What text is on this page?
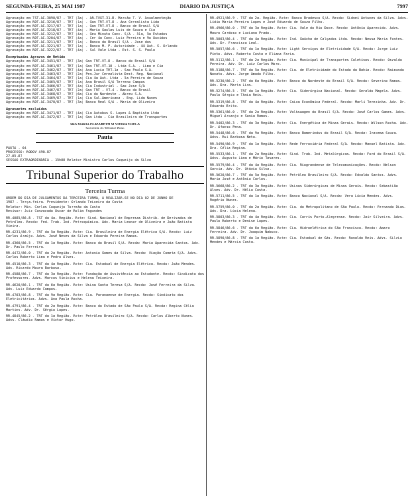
SEGUNDA-FEIRA, 25 MAI 1987	DIARIO DA JUSTIÇA	7997
Agravação em TST-AI-3090/87 - TRT (3a) - AR-TVGT-31-B. Marcão T. V. Anualmenteção
Agravação em RDT-AI-3216/87 - TRT (1a) - Gan TRT-VT-8 - Ana Cerealista Lida
Agravação em RDT-AI-3217/87 - TRT (1a) - Gan TRT-VT-8 - Banco de Brasil S/A
Agravação em RDT-AI-3218/87 - TRT (4a) - Mario Gaulas Luis de Souza e Cia
Agravação em RDT-AI-3212/87 - TRT (4a) - Geu Minuto Conc. S/A - 51a, 5a Estados
Agravação em RDT-AI-3204/87 - TRT (4a) - Cer 4a Conc. Luiz Pereira e 9o Ouvidos
Agravação em RDT-AI-3211/87 - TRT (1a) - Banco do Brasil S/A - Jose dos
Agravação em RDT-AI-3221/87 - TRT (1a) - Banco M. P. Autoridade - 44 Aut. S. Orlando
Agravação em RDT-AI-3222/87 - TRT (4a) - Sul Vale Ltda - Est. S. S. Paulo
Exceptuadas Agravos de Retido
Agravação em RDT-AI-3451/87 - TRT (3a) Gan TRT-VT-8 - Banco do Brasil S/A
Agravação em RDT-AI-3461/87 - TRT (1a) Gan TRT-VT-10 - Ltda S.A. - Lima e Cia
Agravação em RDT-AI-3462/87 - TRT (4a) Ana Lucia TRT-1a - Sao Paulo S.A.
Agravação em RDT-AI-3463/87 - TRT (2a) Pen-Jur Cerealista Dest. Reg. Nacional
Agravação em RDT-AI-3464/87 - TRT (1a) Cia 4a Aut. Ltda - 5a Pereira de Souza
Agravação em RDT-AI-3465/87 - TRT (1a) Ana Brasil S/A Terreno Campos
Agravação em RDT-AI-3466/87 - TRT (4a) Cia Industrial - Sao Jose S/A
Agravação em RDT-AI-3467/87 - TRT (2a) Gan TRT - VT-4 - Banco do Brasil
Agravação em RDT-AI-3468/87 - TRT (6a) Cia do Nordeste - Abreu S.A.
Agravação em RDT-AI-3469/87 - TRT (1a) Cia Sul-Americana - Eng. Lida Nunes
Agravação em RDT-AI-3470/87 - TRT (3a) Banco Real S/A - Maria de Oliveira
Agravantes excluídos
Agravação em RDT-AI-3471/87 - TRT (4a) Cia Autobus S. Lopes & Baptista Ltda
Agravação em RDT-AI-3472/87 - TRT (1a) Gan Ltda - Cia Brasileira de Transportes
SRA MARIA ELIZABETH M VIEIRA VOELA
Secretária do Tribunal Pleno
Pauta
PAUTA - 04
PROCESSO: RODOV 490-87
27.05.87
SESSÃO EXTRAORDINÁRIA - 15h00 Relator Ministro Carlos Coqueijo da Silva
Tribunal Superior do Trabalho
Terceira Turma
ORDEM DO DIA DE JULGAMENTOS DA TERCEIRA TURMA, A REALIZAR-SE NO DIA 02 DE JUNHO DE
1987 - Terça-feira. Presidente: Orlando Teixeira da Costa
Relator: Min. Carlos Coqueijo Torreão da Costa
Revisor: Juiz Convocado Oscar de Rolim Fagundes
RR-4085/86-8 - TST da 4a. Região. Rcte: Sind. Nacional de Empresas Distrib. de Derivados de Petróleo. Recdo: Fed. Trab. Ind. Petroquímica. Adv. Maria Leonor de Oliveira e João Batista Vieira.
RR-4231/86-9 - TRT da 5a Região. Rcte: Cia. Brasileira de Energia Elétrica S/A. Recdo: Luiz Carlos Araújo. Advs. José Neves da Silva e Eduardo Pereira Ramos.
RR-4360/86-5 - TRT da 1a Região. Rcte: Banco do Brasil S/A. Recda: Maria Aparecida Santos. Adv. Dr. Paulo Ferreira.
RR-4472/86-0 - TRT da 2a Região. Rcte: Antonio Gomes da Silva. Recda: Viação Cometa S/A. Advs. Carlos Roberto Lima e Pedro Alves.
RR-4510/86-3 - TRT da 4a Região. Rcte: Cia. Estadual de Energia Elétrica. Recdo: João Mendes. Adv. Ricardo Moura Barbosa.
RR-4588/86-7 - TRT da 3a Região. Rcte: Fundação de Assistência ao Estudante. Recdo: Sindicato dos Professores. Advs. Marcos Vinicius e Helena Teixeira.
RR-4620/86-1 - TRT da 6a Região. Rcte: Usina Santa Teresa S/A. Recdo: José Ferreira da Silva. Adv. Luiz Eduardo Campos.
RR-4703/86-8 - TRT da 9a Região. Rcte: Cia. Paranaense de Energia. Recdo: Sindicato dos Eletricitários. Advs. Ana Paula Rocha.
RR-4791/86-4 - TRT da 2a Região. Rcte: Banco do Estado de São Paulo S/A. Recda: Regina Célia Martins. Adv. Dr. Sérgio Lopes.
RR-4845/86-2 - TRT da 1a Região. Rcte: Petróleo Brasileiro S/A. Recdo: Carlos Alberto Nunes. Advs. Cláudio Ramos e Victor Hugo.
RR-4921/86-9 - TST da 2a. Região. Rcte: Banco Bradesco S/A. Recdo: Sidnei Antunes da Silva. Advs. Lidio Maria Pereira Lopes e José Eduardo de Souza Filho.
RR-4966/86-0 - TRT da 3a Região. Rcte: Cia. Vale do Rio Doce. Recdo: Antônio Aparecido. Advs. Mauro Cardoso e Luciana Prado.
RR-5003/86-4 - TRT da 4a Região. Rcte: Ind. Gaúcha de Calçados Ltda. Recda: Neusa Maria Fontes. Adv. Dr. Francisco Leal.
RR-5057/86-6 - TRT da 1a Região. Rcte: Light Serviços de Eletricidade S/A. Recdo: Jorge Luiz Pinto. Advs. Roberto Costa e Eliana Faria.
RR-5112/86-1 - TRT da 2a Região. Rcte: Cia. Municipal de Transportes Coletivos. Recdo: Osvaldo Pereira. Adv. Dr. Luiz Carlos Moro.
RR-5188/86-7 - TRT da 5a Região. Rcte: Cia. de Eletricidade do Estado da Bahia. Recdo: Raimundo Nonato. Advs. Jorge Amado Filho.
RR-5230/86-2 - TRT da 6a Região. Rcte: Banco do Nordeste do Brasil S/A. Recdo: Severino Ramos. Adv. Dra. Marta Lins.
RR-5274/86-5 - TRT da 1a Região. Rcte: Cia. Siderúrgica Nacional. Recdo: Geraldo Magela. Advs. Paulo Sérgio e Tânia Reis.
RR-5319/86-8 - TRT da 4a Região. Rcte: Caixa Econômica Federal. Recda: Marli Terezinha. Adv. Dr. Eduardo Brito.
RR-5361/86-0 - TRT da 2a Região. Rcte: Volkswagen do Brasil S/A. Recdo: José Carlos Gomes. Advs. Miguel Arcanjo e Sonia Ramos.
RR-5402/86-3 - TRT da 3a Região. Rcte: Cia. Energética de Minas Gerais. Recdo: Wilson Rocha. Adv. Dr. Afonso Pena.
RR-5448/86-6 - TRT da 9a Região. Rcte: Banco Bamerindus do Brasil S/A. Recda: Iracema Souza. Advs. Rui Barbosa Neto.
RR-5490/86-9 - TRT da 1a Região. Rcte: Rede Ferroviária Federal S/A. Recdo: Manoel Batista. Adv. Dra. Célia Regina.
RR-5533/86-1 - TRT da 2a Região. Rcte: Sind. Trab. Ind. Metalúrgicas. Recda: Ford do Brasil S/A. Advs. Augusto Lima e Mário Tavares.
RR-5579/86-4 - TRT da 4a Região. Rcte: Cia. Riograndense de Telecomunicações. Recdo: Nelson Garcia. Adv. Dr. Otávio Silva.
RR-5620/86-7 - TRT da 5a Região. Rcte: Petróleo Brasileiro S/A. Recdo: Edvaldo Santos. Advs. Maria José e Antônio Carlos.
RR-5668/86-2 - TRT da 3a Região. Rcte: Usinas Siderúrgicas de Minas Gerais. Recdo: Sebastião Alves. Adv. Dr. Hélio Costa.
RR-5711/86-5 - TRT da 1a Região. Rcte: Banco Nacional S/A. Recda: Vera Lúcia Mendes. Advs. Rogério Nunes.
RR-5759/86-0 - TRT da 2a Região. Rcte: Cia. do Metropolitano de São Paulo. Recdo: Fernando Dias. Adv. Dra. Lúcia Helena.
RR-5803/86-3 - TRT da 4a Região. Rcte: Cia. Carris Porto-Alegrense. Recdo: Jair Silveira. Advs. Paulo Roberto e Denise Lopes.
RR-5846/86-6 - TRT da 6a Região. Rcte: Cia. Hidroelétrica do São Francisco. Recdo: Amaro Ferreira. Adv. Dr. Joaquim Nabuco.
RR-5890/86-8 - TRT da 1a Região. Rcte: Cia. Estadual de Gás. Recdo: Ronaldo Reis. Advs. Silvio Mendes e Márcia Costa.
